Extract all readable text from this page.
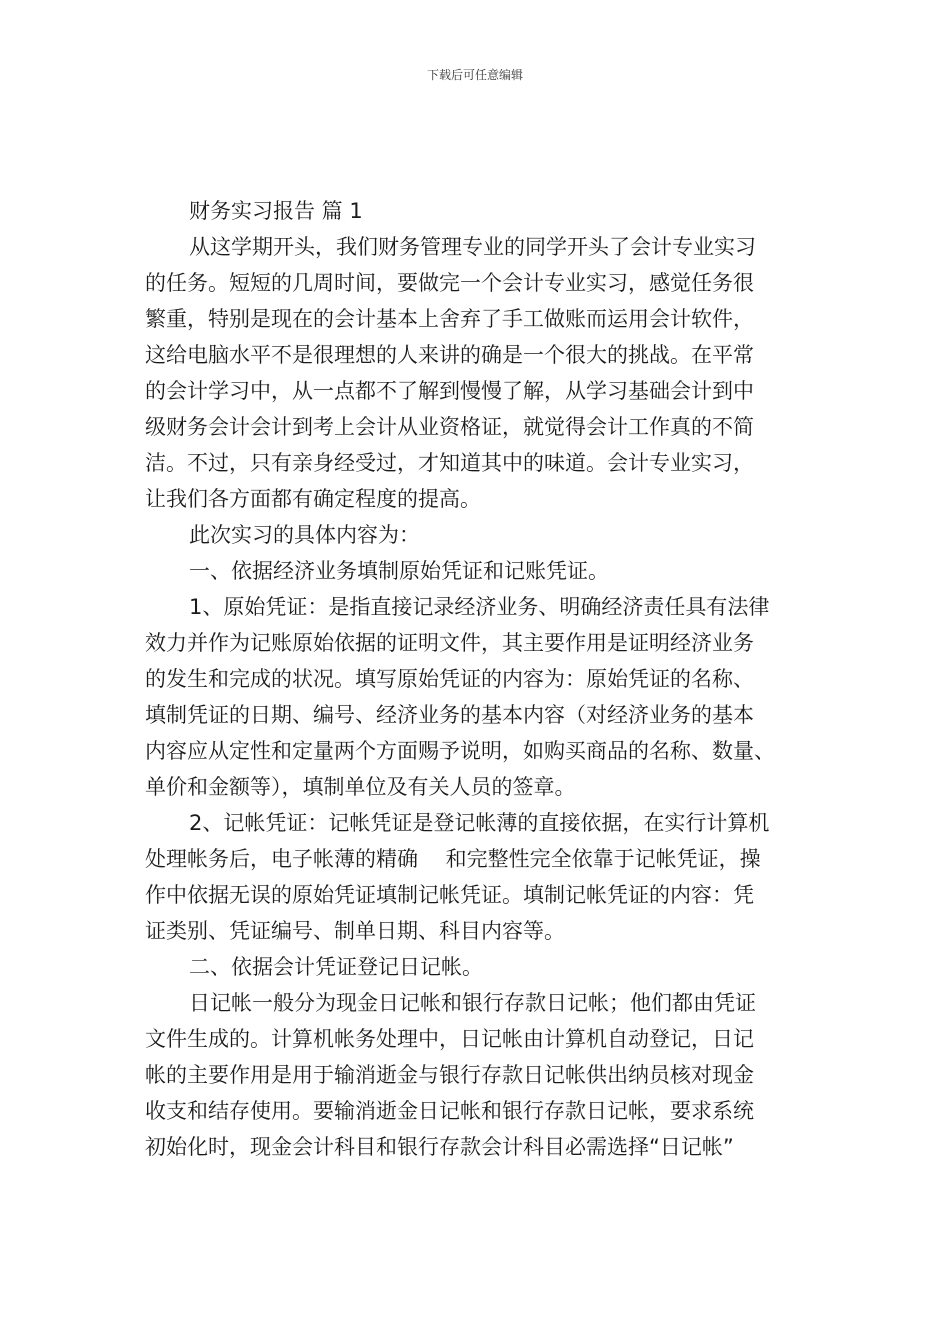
下载后可任意编辑
财务实习报告 篇 1
从这学期开头，我们财务管理专业的同学开头了会计专业实习
的任务。短短的几周时间，要做完一个会计专业实习，感觉任务很
繁重，特别是现在的会计基本上舍弃了手工做账而运用会计软件，
这给电脑水平不是很理想的人来讲的确是一个很大的挑战。在平常
的会计学习中，从一点都不了解到慢慢了解，从学习基础会计到中
级财务会计会计到考上会计从业资格证，就觉得会计工作真的不简
洁。不过，只有亲身经受过，才知道其中的味道。会计专业实习，
让我们各方面都有确定程度的提高。
此次实习的具体内容为：
一、依据经济业务填制原始凭证和记账凭证。
1、原始凭证：是指直接记录经济业务、明确经济责任具有法律
效力并作为记账原始依据的证明文件，其主要作用是证明经济业务
的发生和完成的状况。填写原始凭证的内容为：原始凭证的名称、
填制凭证的日期、编号、经济业务的基本内容（对经济业务的基本
内容应从定性和定量两个方面赐予说明，如购买商品的名称、数量、
单价和金额等），填制单位及有关人员的签章。
2、记帐凭证：记帐凭证是登记帐薄的直接依据，在实行计算机
处理帐务后，电子帐薄的精确　 和完整性完全依靠于记帐凭证，操
作中依据无误的原始凭证填制记帐凭证。填制记帐凭证的内容：凭
证类别、凭证编号、制单日期、科目内容等。
二、依据会计凭证登记日记帐。
日记帐一般分为现金日记帐和银行存款日记帐；他们都由凭证
文件生成的。计算机帐务处理中，日记帐由计算机自动登记，日记
帐的主要作用是用于输消逝金与银行存款日记帐供出纳员核对现金
收支和结存使用。要输消逝金日记帐和银行存款日记帐，要求系统
初始化时，现金会计科目和银行存款会计科目必需选择“日记帐”
